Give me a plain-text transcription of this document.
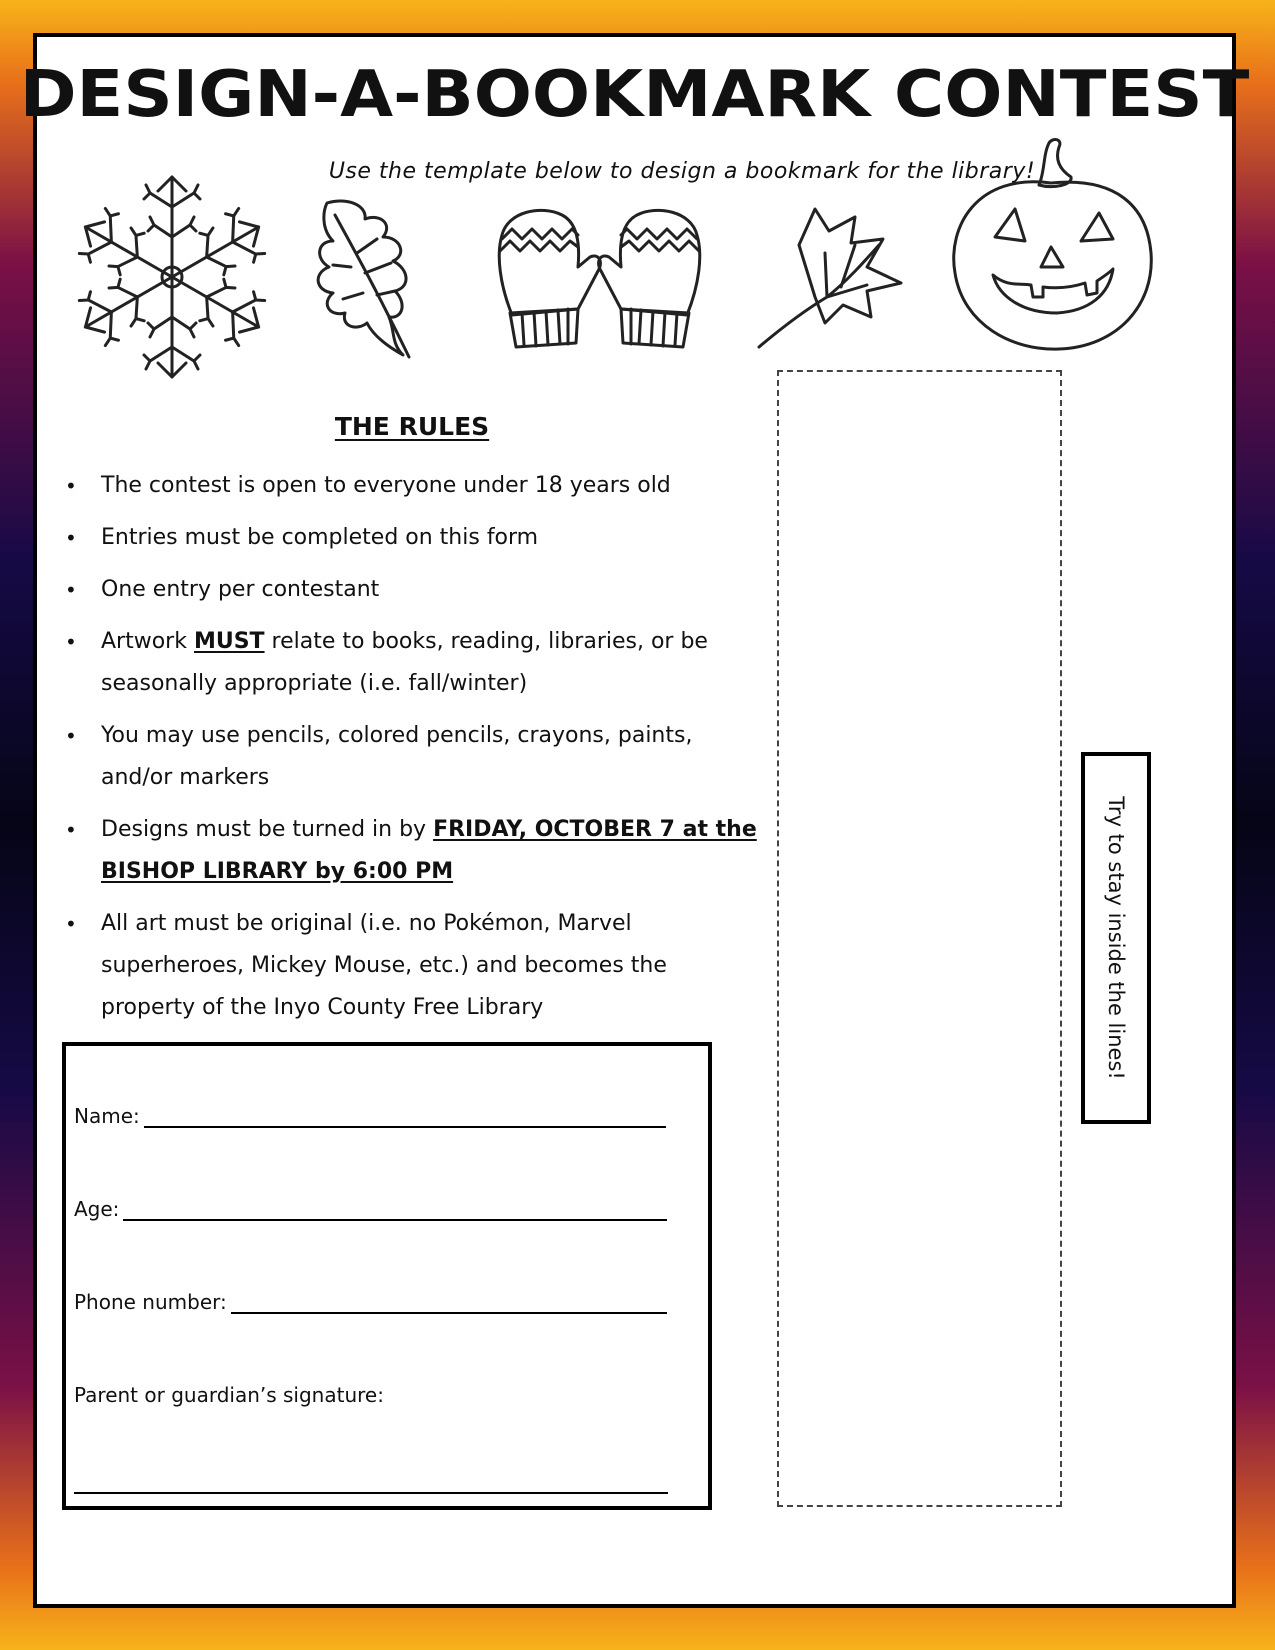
DESIGN-A-BOOKMARK CONTEST
Use the template below to design a bookmark for the library!
THE RULES
• The contest is open to everyone under 18 years old
• Entries must be completed on this form
• One entry per contestant
• Artwork MUST relate to books, reading, libraries, or be seasonally appropriate (i.e. fall/winter)
• You may use pencils, colored pencils, crayons, paints, and/or markers
• Designs must be turned in by FRIDAY, OCTOBER 7 at the BISHOP LIBRARY by 6:00 PM
• All art must be original (i.e. no Pokémon, Marvel superheroes, Mickey Mouse, etc.) and becomes the property of the Inyo County Free Library
Name:
Age:
Phone number:
Parent or guardian’s signature:
Try to stay inside the lines!
